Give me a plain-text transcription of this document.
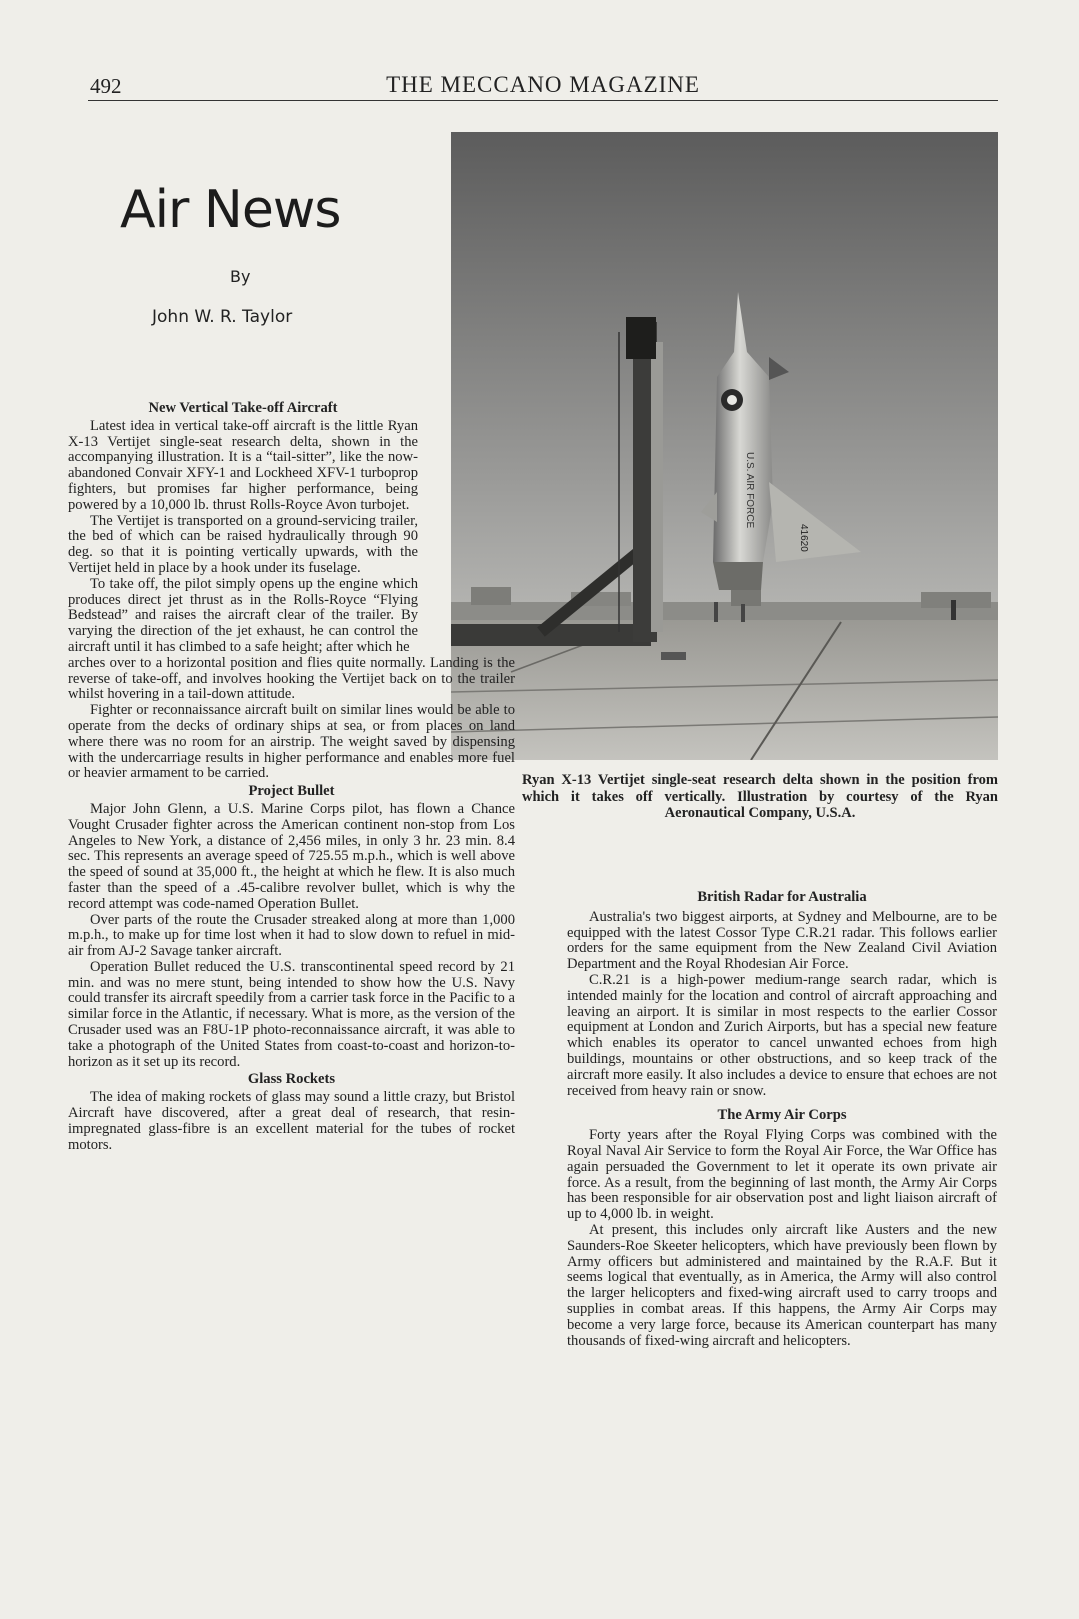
492	THE MECCANO MAGAZINE
Air News
By
John W. R. Taylor
U.S. AIR FORCE
41620
Ryan X-13 Vertijet single-seat research delta shown in the position from which it takes off vertically. Illustration by courtesy of the Ryan Aeronautical Company, U.S.A.
New Vertical Take-off Aircraft

Latest idea in vertical take-off aircraft is the little Ryan X-13 Vertijet single-seat research delta, shown in the accompanying illustration. It is a “tail-sitter”, like the now-abandoned Convair XFY-1 and Lockheed XFV-1 turboprop fighters, but promises far higher performance, being powered by a 10,000 lb. thrust Rolls-Royce Avon turbojet.

The Vertijet is transported on a ground-servicing trailer, the bed of which can be raised hydraulically through 90 deg. so that it is pointing vertically upwards, with the Vertijet held in place by a hook under its fuselage.

To take off, the pilot simply opens up the engine which produces direct jet thrust as in the Rolls-Royce “Flying Bedstead” and raises the aircraft clear of the trailer. By varying the direction of the jet exhaust, he can control the aircraft until it has climbed to a safe height; after which he

arches over to a horizontal position and flies quite normally. Landing is the reverse of take-off, and involves hooking the Vertijet back on to the trailer whilst hovering in a tail-down attitude.

Fighter or reconnaissance aircraft built on similar lines would be able to operate from the decks of ordinary ships at sea, or from places on land where there was no room for an airstrip. The weight saved by dispensing with the undercarriage results in higher performance and enables more fuel or heavier armament to be carried.

Project Bullet

Major John Glenn, a U.S. Marine Corps pilot, has flown a Chance Vought Crusader fighter across the American continent non-stop from Los Angeles to New York, a distance of 2,456 miles, in only 3 hr. 23 min. 8.4 sec. This represents an average speed of 725.55 m.p.h., which is well above the speed of sound at 35,000 ft., the height at which he flew. It is also much faster than the speed of a .45-calibre revolver bullet, which is why the record attempt was code-named Operation Bullet.

Over parts of the route the Crusader streaked along at more than 1,000 m.p.h., to make up for time lost when it had to slow down to refuel in mid-air from AJ-2 Savage tanker aircraft.

Operation Bullet reduced the U.S. transcontinental speed record by 21 min. and was no mere stunt, being intended to show how the U.S. Navy could transfer its aircraft speedily from a carrier task force in the Pacific to a similar force in the Atlantic, if necessary. What is more, as the version of the Crusader used was an F8U-1P photo-reconnaissance aircraft, it was able to take a photograph of the United States from coast-to-coast and horizon-to-horizon as it set up its record.

Glass Rockets

The idea of making rockets of glass may sound a little crazy, but Bristol Aircraft have discovered, after a great deal of research, that resin-impregnated glass-fibre is an excellent material for the tubes of rocket motors.

British Radar for Australia

Australia's two biggest airports, at Sydney and Melbourne, are to be equipped with the latest Cossor Type C.R.21 radar. This follows earlier orders for the same equipment from the New Zealand Civil Aviation Department and the Royal Rhodesian Air Force.

C.R.21 is a high-power medium-range search radar, which is intended mainly for the location and control of aircraft approaching and leaving an airport. It is similar in most respects to the earlier Cossor equipment at London and Zurich Airports, but has a special new feature which enables its operator to cancel unwanted echoes from high buildings, mountains or other obstructions, and so keep track of the aircraft more easily. It also includes a device to ensure that echoes are not received from heavy rain or snow.

The Army Air Corps

Forty years after the Royal Flying Corps was combined with the Royal Naval Air Service to form the Royal Air Force, the War Office has again persuaded the Government to let it operate its own private air force. As a result, from the beginning of last month, the Army Air Corps has been responsible for air observation post and light liaison aircraft of up to 4,000 lb. in weight.

At present, this includes only aircraft like Austers and the new Saunders-Roe Skeeter helicopters, which have previously been flown by Army officers but administered and maintained by the R.A.F. But it seems logical that eventually, as in America, the Army will also control the larger helicopters and fixed-wing aircraft used to carry troops and supplies in combat areas. If this happens, the Army Air Corps may become a very large force, because its American counterpart has many thousands of fixed-wing aircraft and helicopters.
